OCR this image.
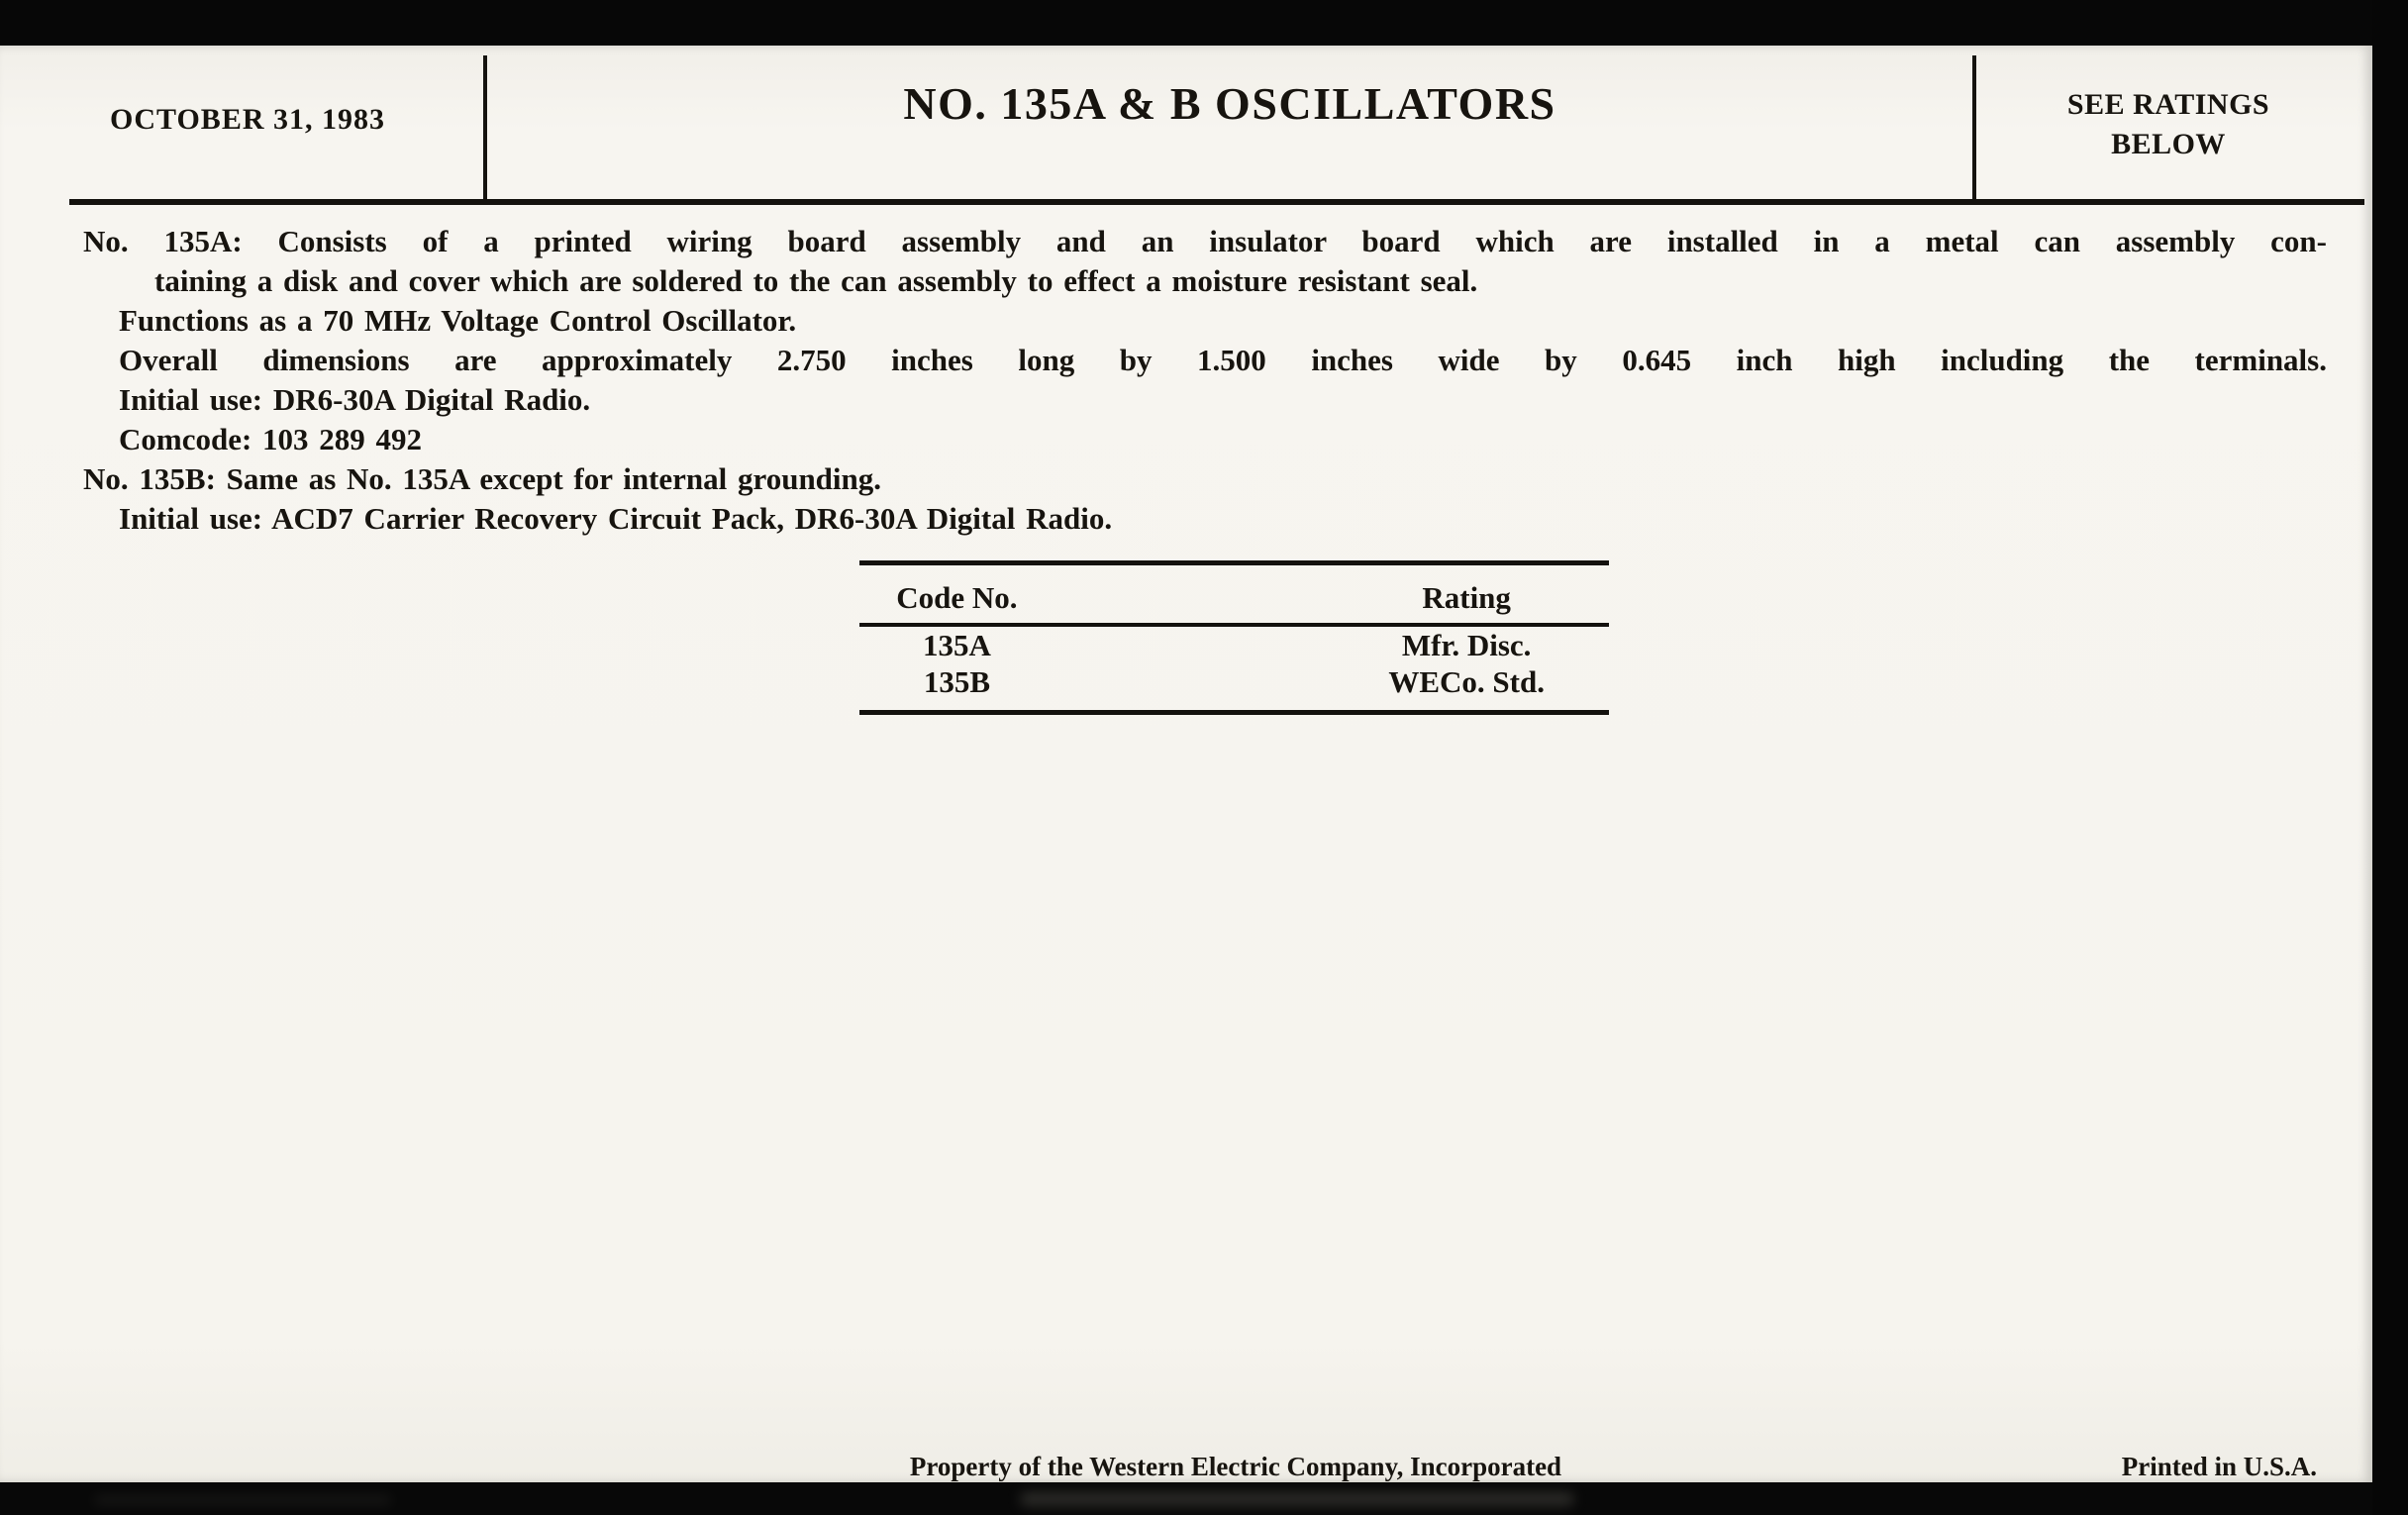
OCTOBER 31, 1983	NO. 135A & B OSCILLATORS	SEE RATINGS
BELOW
No. 135A: Consists of a printed wiring board assembly and an insulator board which are installed in a metal can assembly con-
taining a disk and cover which are soldered to the can assembly to effect a moisture resistant seal.
Functions as a 70 MHz Voltage Control Oscillator.
Overall dimensions are approximately 2.750 inches long by 1.500 inches wide by 0.645 inch high including the terminals.
Initial use: DR6-30A Digital Radio.
Comcode: 103 289 492
No. 135B: Same as No. 135A except for internal grounding.
Initial use: ACD7 Carrier Recovery Circuit Pack, DR6-30A Digital Radio.
Code No.	Rating
135A	Mfr. Disc.
135B	WECo. Std.
Property of the Western Electric Company, Incorporated	Printed in U.S.A.
